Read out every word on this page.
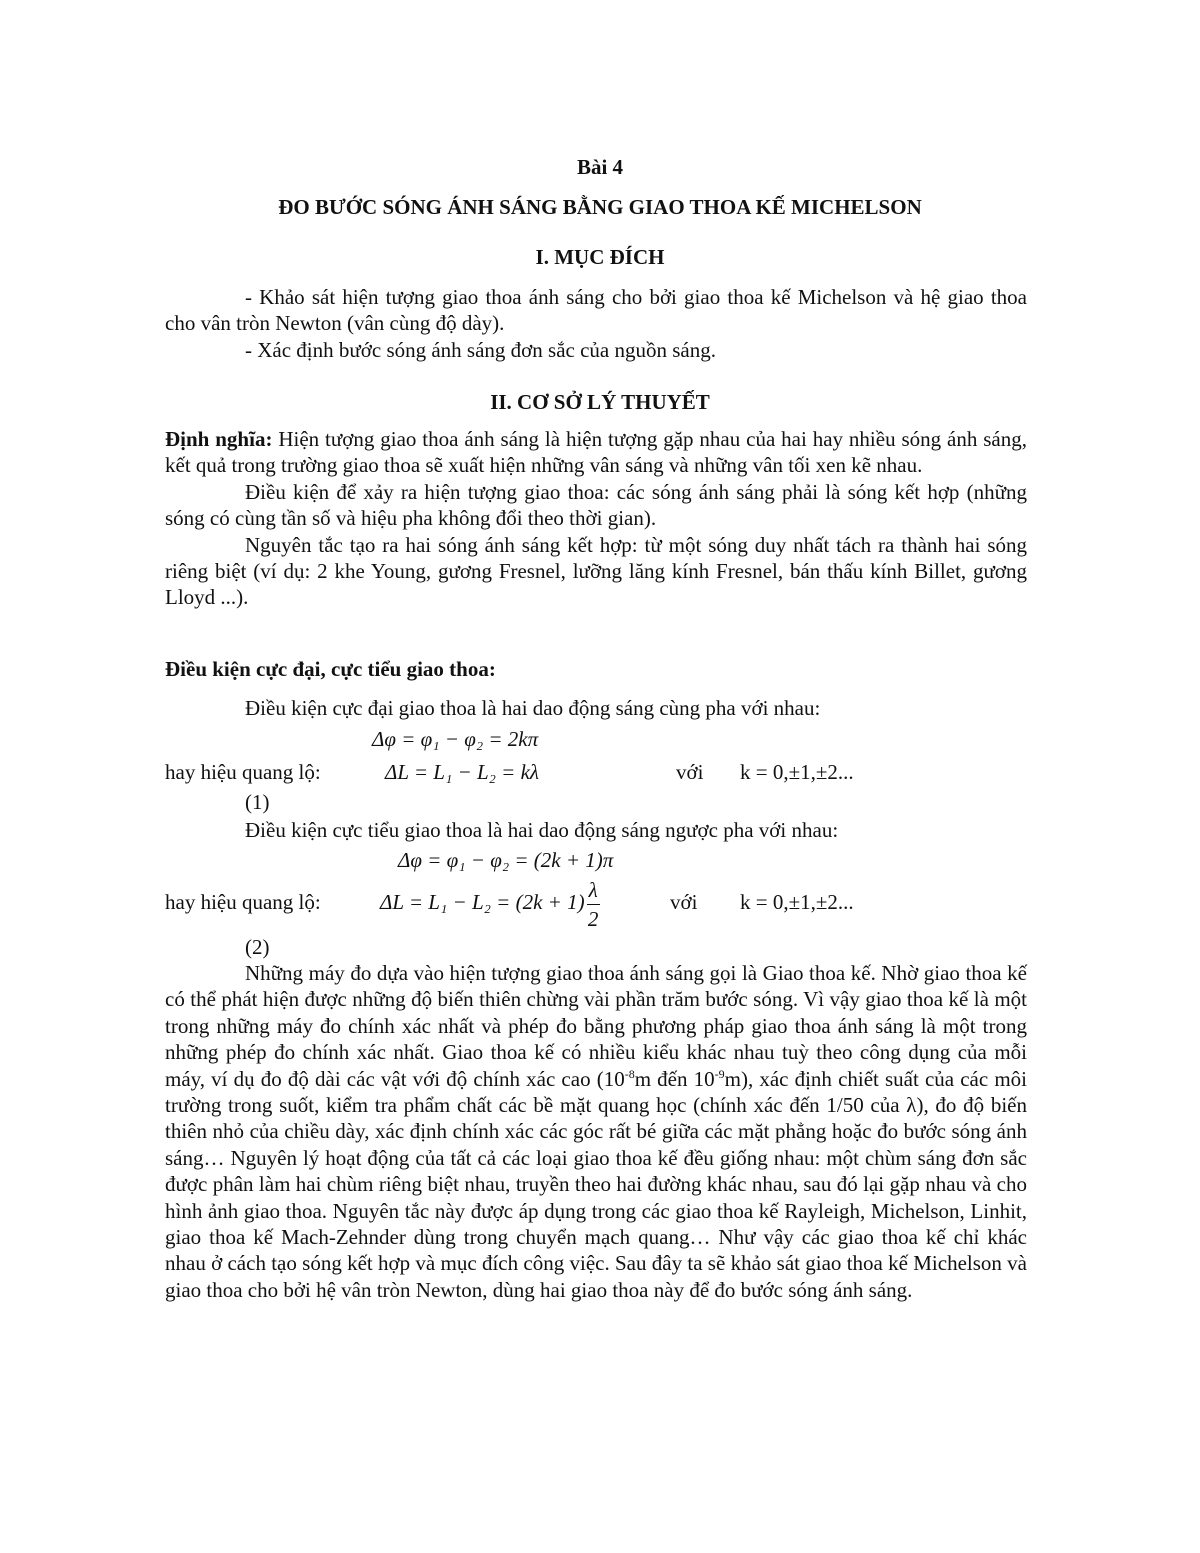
Bài 4
ĐO BƯỚC SÓNG ÁNH SÁNG BẰNG GIAO THOA KẾ MICHELSON
I. MỤC ĐÍCH

- Khảo sát hiện tượng giao thoa ánh sáng cho bởi giao thoa kế Michelson và hệ giao thoa cho vân tròn Newton (vân cùng độ dày).

- Xác định bước sóng ánh sáng đơn sắc của nguồn sáng.

II. CƠ SỞ LÝ THUYẾT

Định nghĩa: Hiện tượng giao thoa ánh sáng là hiện tượng gặp nhau của hai hay nhiều sóng ánh sáng, kết quả trong trường giao thoa sẽ xuất hiện những vân sáng và những vân tối xen kẽ nhau.

Điều kiện để xảy ra hiện tượng giao thoa: các sóng ánh sáng phải là sóng kết hợp (những sóng có cùng tần số và hiệu pha không đổi theo thời gian).

Nguyên tắc tạo ra hai sóng ánh sáng kết hợp: từ một sóng duy nhất tách ra thành hai sóng riêng biệt (ví dụ: 2 khe Young, gương Fresnel, lưỡng lăng kính Fresnel, bán thấu kính Billet, gương Lloyd ...).

Điều kiện cực đại, cực tiểu giao thoa:
Điều kiện cực đại giao thoa là hai dao động sáng cùng pha với nhau:
Δφ = φ₁ − φ₂ = 2kπ
hay hiệu quang lộ:	ΔL = L₁ − L₂ = kλ	với k = 0,±1,±2...
(1)
Điều kiện cực tiểu giao thoa là hai dao động sáng ngược pha với nhau:
Δφ = φ₁ − φ₂ = (2k + 1)π
hay hiệu quang lộ:	$\Delta L = L_1 - L_2 = (2k + 1) \frac{\lambda}{2}$	với k = 0,±1,±2...
(2)

Những máy đo dựa vào hiện tượng giao thoa ánh sáng gọi là Giao thoa kế. Nhờ giao thoa kế có thể phát hiện được những độ biến thiên chừng vài phần trăm bước sóng. Vì vậy giao thoa kế là một trong những máy đo chính xác nhất và phép đo bằng phương pháp giao thoa ánh sáng là một trong những phép đo chính xác nhất. Giao thoa kế có nhiều kiểu khác nhau tuỳ theo công dụng của mỗi máy, ví dụ đo độ dài các vật với độ chính xác cao ($10^{-8}m$ đến $10^{-9}m$), xác định chiết suất của các môi trường trong suốt, kiểm tra phẩm chất các bề mặt quang học (chính xác đến 1/50 của λ), đo độ biến thiên nhỏ của chiều dày, xác định chính xác các góc rất bé giữa các mặt phẳng hoặc đo bước sóng ánh sáng… Nguyên lý hoạt động của tất cả các loại giao thoa kế đều giống nhau: một chùm sáng đơn sắc được phân làm hai chùm riêng biệt nhau, truyền theo hai đường khác nhau, sau đó lại gặp nhau và cho hình ảnh giao thoa. Nguyên tắc này được áp dụng trong các giao thoa kế Rayleigh, Michelson, Linhit, giao thoa kế Mach-Zehnder dùng trong chuyển mạch quang… Như vậy các giao thoa kế chỉ khác nhau ở cách tạo sóng kết hợp và mục đích công việc. Sau đây ta sẽ khảo sát giao thoa kế Michelson và giao thoa cho bởi hệ vân tròn Newton, dùng hai giao thoa này để đo bước sóng ánh sáng.
